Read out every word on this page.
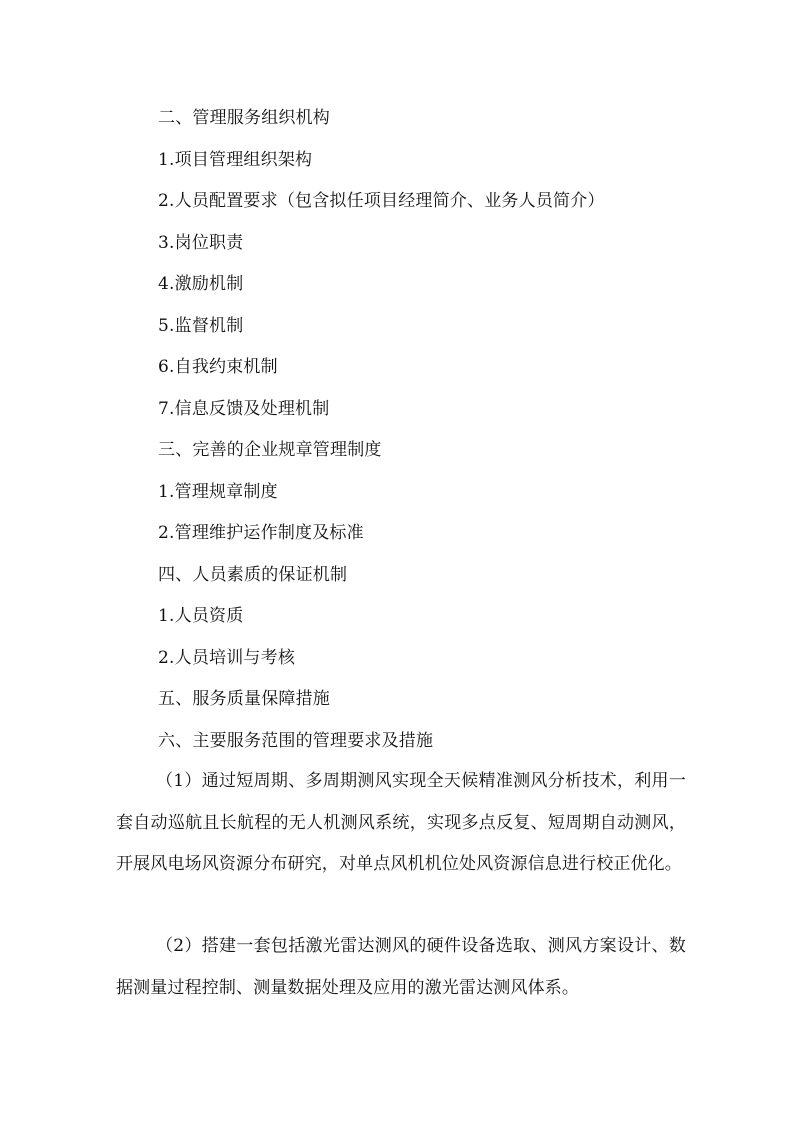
二、管理服务组织机构
1.项目管理组织架构
2.人员配置要求（包含拟任项目经理简介、业务人员简介）
3.岗位职责
4.激励机制
5.监督机制
6.自我约束机制
7.信息反馈及处理机制
三、完善的企业规章管理制度
1.管理规章制度
2.管理维护运作制度及标准
四、人员素质的保证机制
1.人员资质
2.人员培训与考核
五、服务质量保障措施
六、主要服务范围的管理要求及措施
（1）通过短周期、多周期测风实现全天候精准测风分析技术，利用一套自动巡航且长航程的无人机测风系统，实现多点反复、短周期自动测风，开展风电场风资源分布研究，对单点风机机位处风资源信息进行校正优化。
（2）搭建一套包括激光雷达测风的硬件设备选取、测风方案设计、数据测量过程控制、测量数据处理及应用的激光雷达测风体系。
